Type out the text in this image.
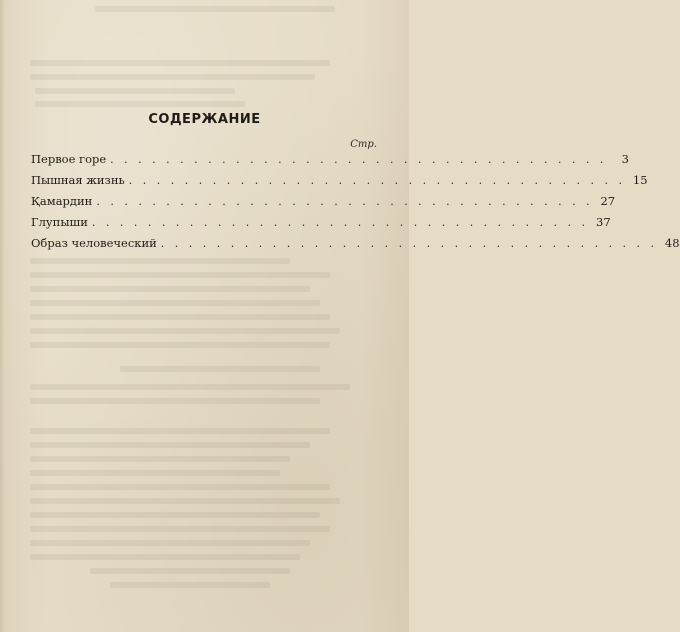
СОДЕРЖАНИЕ
Стр.
Первое горе . . . . . . . . . . . . . . . . . . . . . . . . . . . . . . . . . . . .	3
Пышная жизнь . . . . . . . . . . . . . . . . . . . . . . . . . . . . . . . . . . . . 15
Қамардин . . . . . . . . . . . . . . . . . . . . . . . . . . . . . . . . . . . . 27
Глупыши . . . . . . . . . . . . . . . . . . . . . . . . . . . . . . . . . . . . 37
Образ человеческий . . . . . . . . . . . . . . . . . . . . . . . . . . . . . . . . . . . . 48
